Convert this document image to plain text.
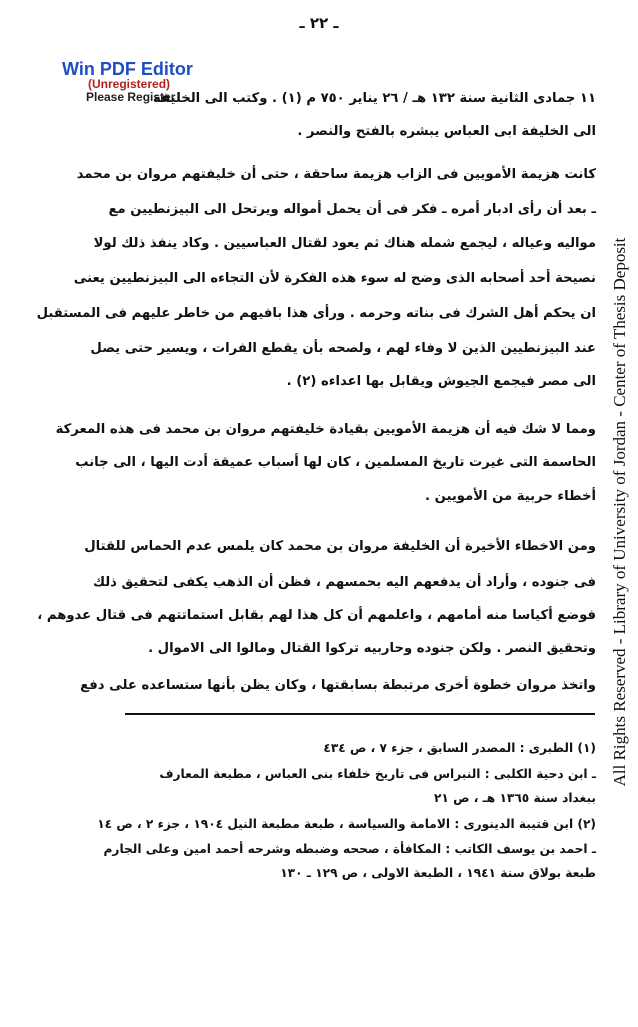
ـ ٢٢ ـ
Win PDF Editor
(Unregistered)
Please Register
All Rights Reserved - Library of University of Jordan - Center of Thesis Deposit
١١ جمادى الثانية سنة ١٣٢ هـ / ٢٦ يناير ٧٥٠ م (١) . وكتب الى الخليفة
الى الخليفة ابى العباس يبشره بالفتح والنصر .
كانت هزيمة الأمويين فى الزاب هزيمة ساحقة ، حتى أن خليفتهم مروان بن محمد
ـ بعد أن رأى ادبار أمره ـ فكر فى أن يحمل أمواله ويرتحل الى البيزنطيين مع
مواليه وعياله ، ليجمع شمله هناك ثم يعود لقتال العباسيين . وكاد ينفذ ذلك لولا
نصيحة أحد أصحابه الذى وضح له سوء هذه الفكرة لأن التجاءه الى البيزنطيين يعنى
ان يحكم أهل الشرك فى بناته وحرمه . ورأى هذا بافيهم من خاطر عليهم فى المستقبل
عند البيزنطيين الذين لا وفاء لهم ، ولصحه بأن يقطع الفرات ، ويسير حتى يصل
الى مصر فيجمع الجيوش ويقابل بها اعداءه (٢) .
ومما لا شك فيه أن هزيمة الأمويين بقيادة خليفتهم مروان بن محمد فى هذه المعركة
الحاسمة التى غيرت تاريخ المسلمين ، كان لها أسباب عميقة أدت اليها ، الى جانب
أخطاء حربية من الأمويين .
ومن الاخطاء الأخيرة أن الخليفة مروان بن محمد كان يلمس عدم الحماس للقتال
فى جنوده ، وأراد أن يدفعهم اليه بحمسهم ، فظن أن الذهب يكفى لتحقيق ذلك
فوضع أكياسا منه أمامهم ، واعلمهم أن كل هذا لهم بقابل استماتتهم فى قتال عدوهم ،
وتحقيق النصر . ولكن جنوده وحاربيه تركوا القتال ومالوا الى الاموال .
واتخذ مروان خطوة أخرى مرتبطة بسابقتها ، وكان يظن بأنها ستساعده على دفع
(١) الطبرى : المصدر السابق ، جزء ٧ ، ص ٤٣٤
ـ ابن دحية الكلبى : النبراس فى تاريخ خلفاء بنى العباس ، مطبعة المعارف
ببغداد سنة ١٣٦٥ هـ ، ص ٢١
(٢) ابن قتيبة الدينورى : الامامة والسياسة ، طبعة مطبعة النيل ١٩٠٤ ، جزء ٢ ، ص ١٤
ـ احمد بن يوسف الكاتب : المكافأة ، صححه وضبطه وشرحه أحمد امين وعلى الجارم
طبعة بولاق سنة ١٩٤١ ، الطبعة الاولى ، ص ١٢٩ ـ ١٣٠
